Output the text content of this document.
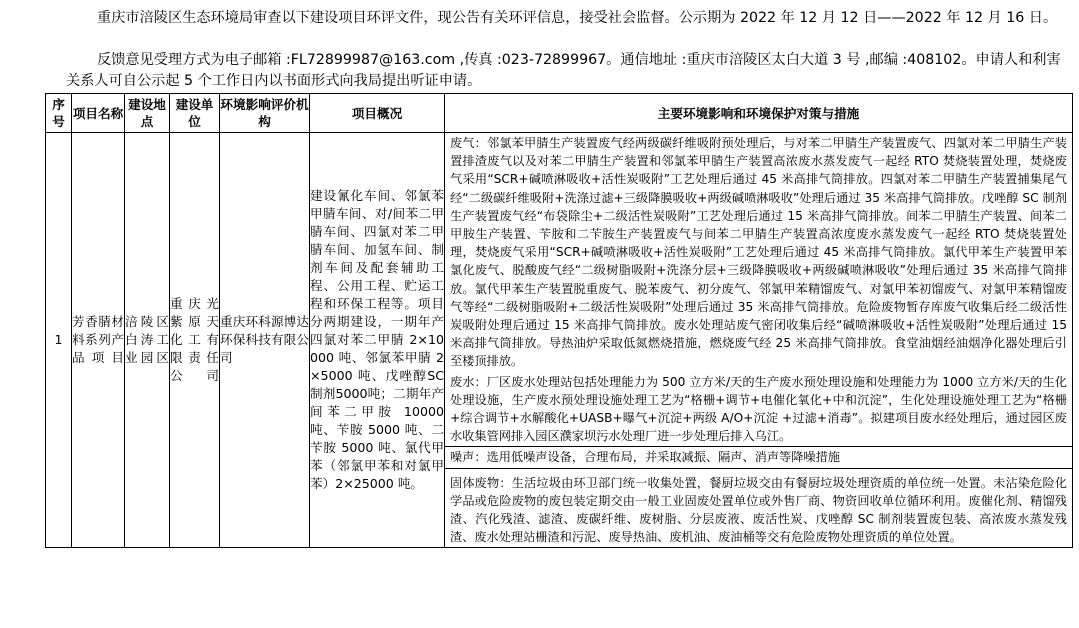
重庆市涪陵区生态环境局审查以下建设项目环评文件，现公告有关环评信息，接受社会监督。公示期为 2022 年 12 月 12 日——2022 年 12 月 16 日。

反馈意见受理方式为电子邮箱 :FL72899987@163.com ,传真 :023-72899967。通信地址 :重庆市涪陵区太白大道 3 号 ,邮编 :408102。申请人和利害关系人可自公示起 5 个工作日内以书面形式向我局提出听证申请。

序号	项目名称	建设地点	建设单位	环境影响评价机构	项目概况	主要环境影响和环境保护对策与措施
1	芳香腈材料系列产品项目	涪陵区白涛工业园区	重庆光紫原天化工有限责任公司	重庆环科源博达环保科技有限公司	建设氰化车间、邻氯苯甲腈车间、对/间苯二甲腈车间、四氯对苯二甲腈车间、加氢车间、制剂车间及配套辅助工程、公用工程、贮运工程和环保工程等。项目分两期建设，一期年产四氯对苯二甲腈 2×10000 吨、邻氯苯甲腈 2×5000 吨、戊唑醇SC制剂5000吨；二期年产间苯二甲胺 10000 吨、苄胺 5000 吨、二苄胺 5000 吨、氯代甲苯（邻氯甲苯和对氯甲苯）2×25000 吨。	废气：邻氯苯甲腈生产装置废气经两级碳纤维吸附预处理后，与对苯二甲腈生产装置废气、四氯对苯二甲腈生产装置排渣废气以及对苯二甲腈生产装置和邻氯苯甲腈生产装置高浓废水蒸发废气一起经 RTO 焚烧装置处理，焚烧废气采用“SCR+碱喷淋吸收+活性炭吸附”工艺处理后通过 45 米高排气筒排放。四氯对苯二甲腈生产装置捕集尾气经“二级碳纤维吸附+洗涤过滤+三级降膜吸收+两级碱喷淋吸收”处理后通过 35 米高排气筒排放。戊唑醇 SC 制剂生产装置废气经“布袋除尘+二级活性炭吸附”工艺处理后通过 15 米高排气筒排放。间苯二甲腈生产装置、间苯二甲胺生产装置、苄胺和二苄胺生产装置废气与间苯二甲腈生产装置高浓度废水蒸发废气一起经 RTO 焚烧装置处理，焚烧废气采用“SCR+碱喷淋吸收+活性炭吸附”工艺处理后通过 45 米高排气筒排放。氯代甲苯生产装置甲苯氯化废气、脱酸废气经“二级树脂吸附+洗涤分层+三级降膜吸收+两级碱喷淋吸收”处理后通过 35 米高排气筒排放。氯代甲苯生产装置脱重废气、脱苯废气、初分废气、邻氯甲苯精馏废气、对氯甲苯初馏废气、对氯甲苯精馏废气等经“二级树脂吸附+二级活性炭吸附”处理后通过 35 米高排气筒排放。危险废物暂存库废气收集后经二级活性炭吸附处理后通过 15 米高排气筒排放。废水处理站废气密闭收集后经“碱喷淋吸收+活性炭吸附”处理后通过 15 米高排气筒排放。导热油炉采取低氮燃烧措施，燃烧废气经 25 米高排气筒排放。食堂油烟经油烟净化器处理后引至楼顶排放。
废水：厂区废水处理站包括处理能力为 500 立方米/天的生产废水预处理设施和处理能力为 1000 立方米/天的生化处理设施，生产废水预处理设施处理工艺为“格栅+调节+电催化氧化+中和沉淀”，生化处理设施处理工艺为“格栅+综合调节+水解酸化+UASB+曝气+沉淀+两级 A/O+沉淀 +过滤+消毒”。拟建项目废水经处理后，通过园区废水收集管网排入园区濮家坝污水处理厂进一步处理后排入乌江。
噪声：选用低噪声设备，合理布局，并采取减振、隔声、消声等降噪措施
固体废物：生活垃圾由环卫部门统一收集处置，餐厨垃圾交由有餐厨垃圾处理资质的单位统一处置。未沾染危险化学品或危险废物的废包装定期交由一般工业固废处置单位或外售厂商、物资回收单位循环利用。废催化剂、精馏残渣、汽化残渣、滤渣、废碳纤维、废树脂、分层废液、废活性炭、戊唑醇 SC 制剂装置废包装、高浓废水蒸发残渣、废水处理站栅渣和污泥、废导热油、废机油、废油桶等交有危险废物处理资质的单位处置。
